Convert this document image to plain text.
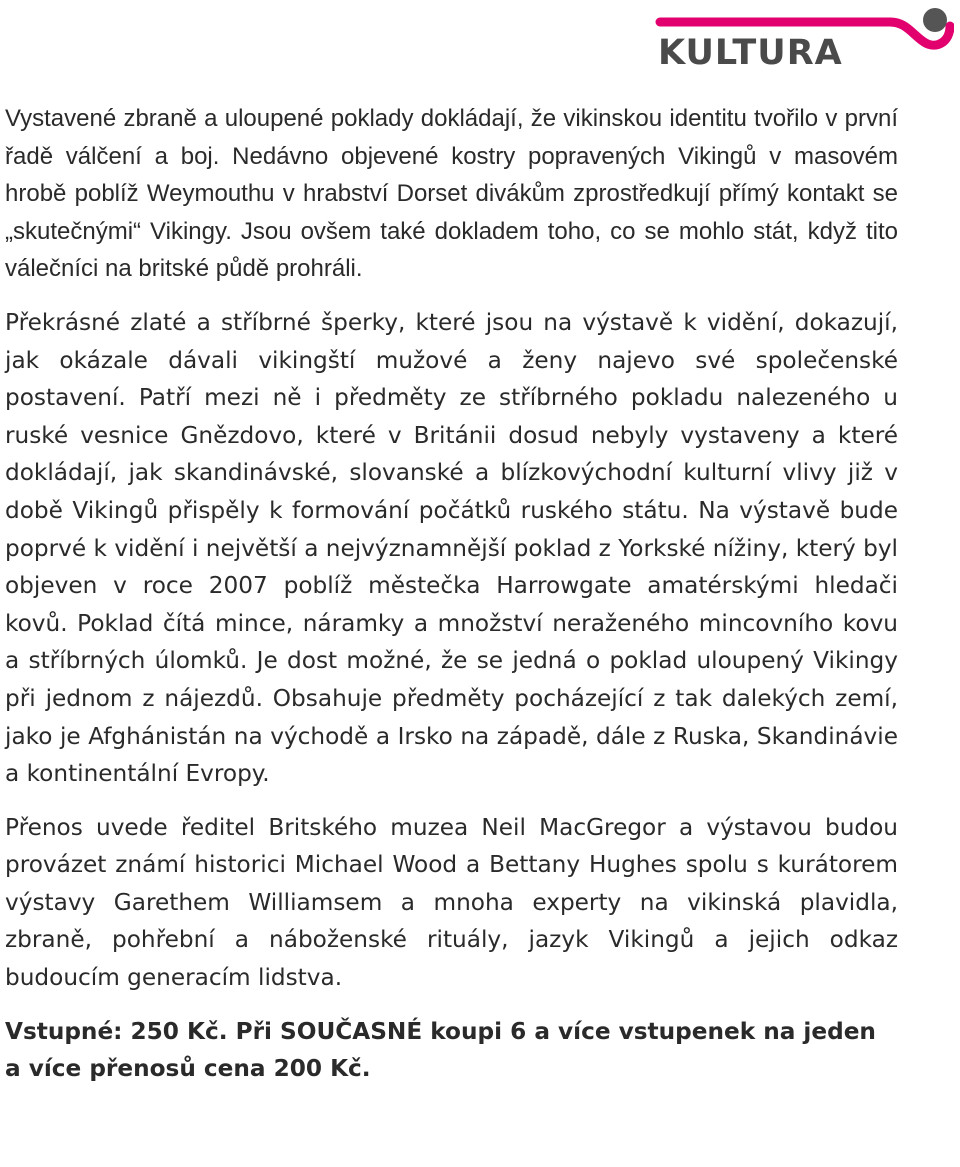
KULTURA

Vystavené zbraně a uloupené poklady dokládají, že vikinskou identitu tvořilo v první řadě válčení a boj. Nedávno objevené kostry popravených Vikingů v masovém hrobě poblíž Weymouthu v hrabství Dorset divákům zprostředkují přímý kontakt se „skutečnými“ Vikingy. Jsou ovšem také dokladem toho, co se mohlo stát, když tito válečníci na britské půdě prohráli.

Překrásné zlaté a stříbrné šperky, které jsou na výstavě k vidění, dokazují, jak okázale dávali vikingští mužové a ženy najevo své společenské postavení. Patří mezi ně i předměty ze stříbrného pokladu nalezeného u ruské vesnice Gnězdovo, které v Británii dosud nebyly vystaveny a které dokládají, jak skandinávské, slovanské a blízkovýchodní kulturní vlivy již v době Vikingů přispěly k formování počátků ruského státu. Na výstavě bude poprvé k vidění i největší a nejvýznamnější poklad z Yorkské nížiny, který byl objeven v roce 2007 poblíž městečka Harrowgate amatérskými hledači kovů. Poklad čítá mince, náramky a množství neraženého mincovního kovu a stříbrných úlomků. Je dost možné, že se jedná o poklad uloupený Vikingy při jednom z nájezdů. Obsahuje předměty pocházející z tak dalekých zemí, jako je Afghánistán na východě a Irsko na západě, dále z Ruska, Skandinávie a kontinentální Evropy.

Přenos uvede ředitel Britského muzea Neil MacGregor a výstavou budou provázet známí historici Michael Wood a Bettany Hughes spolu s kurátorem výstavy Garethem Williamsem a mnoha experty na vikinská plavidla, zbraně, pohřební a náboženské rituály, jazyk Vikingů a jejich odkaz budoucím generacím lidstva.

Vstupné: 250 Kč. Při SOUČASNÉ koupi 6 a více vstupenek na jeden a více přenosů cena 200 Kč.
